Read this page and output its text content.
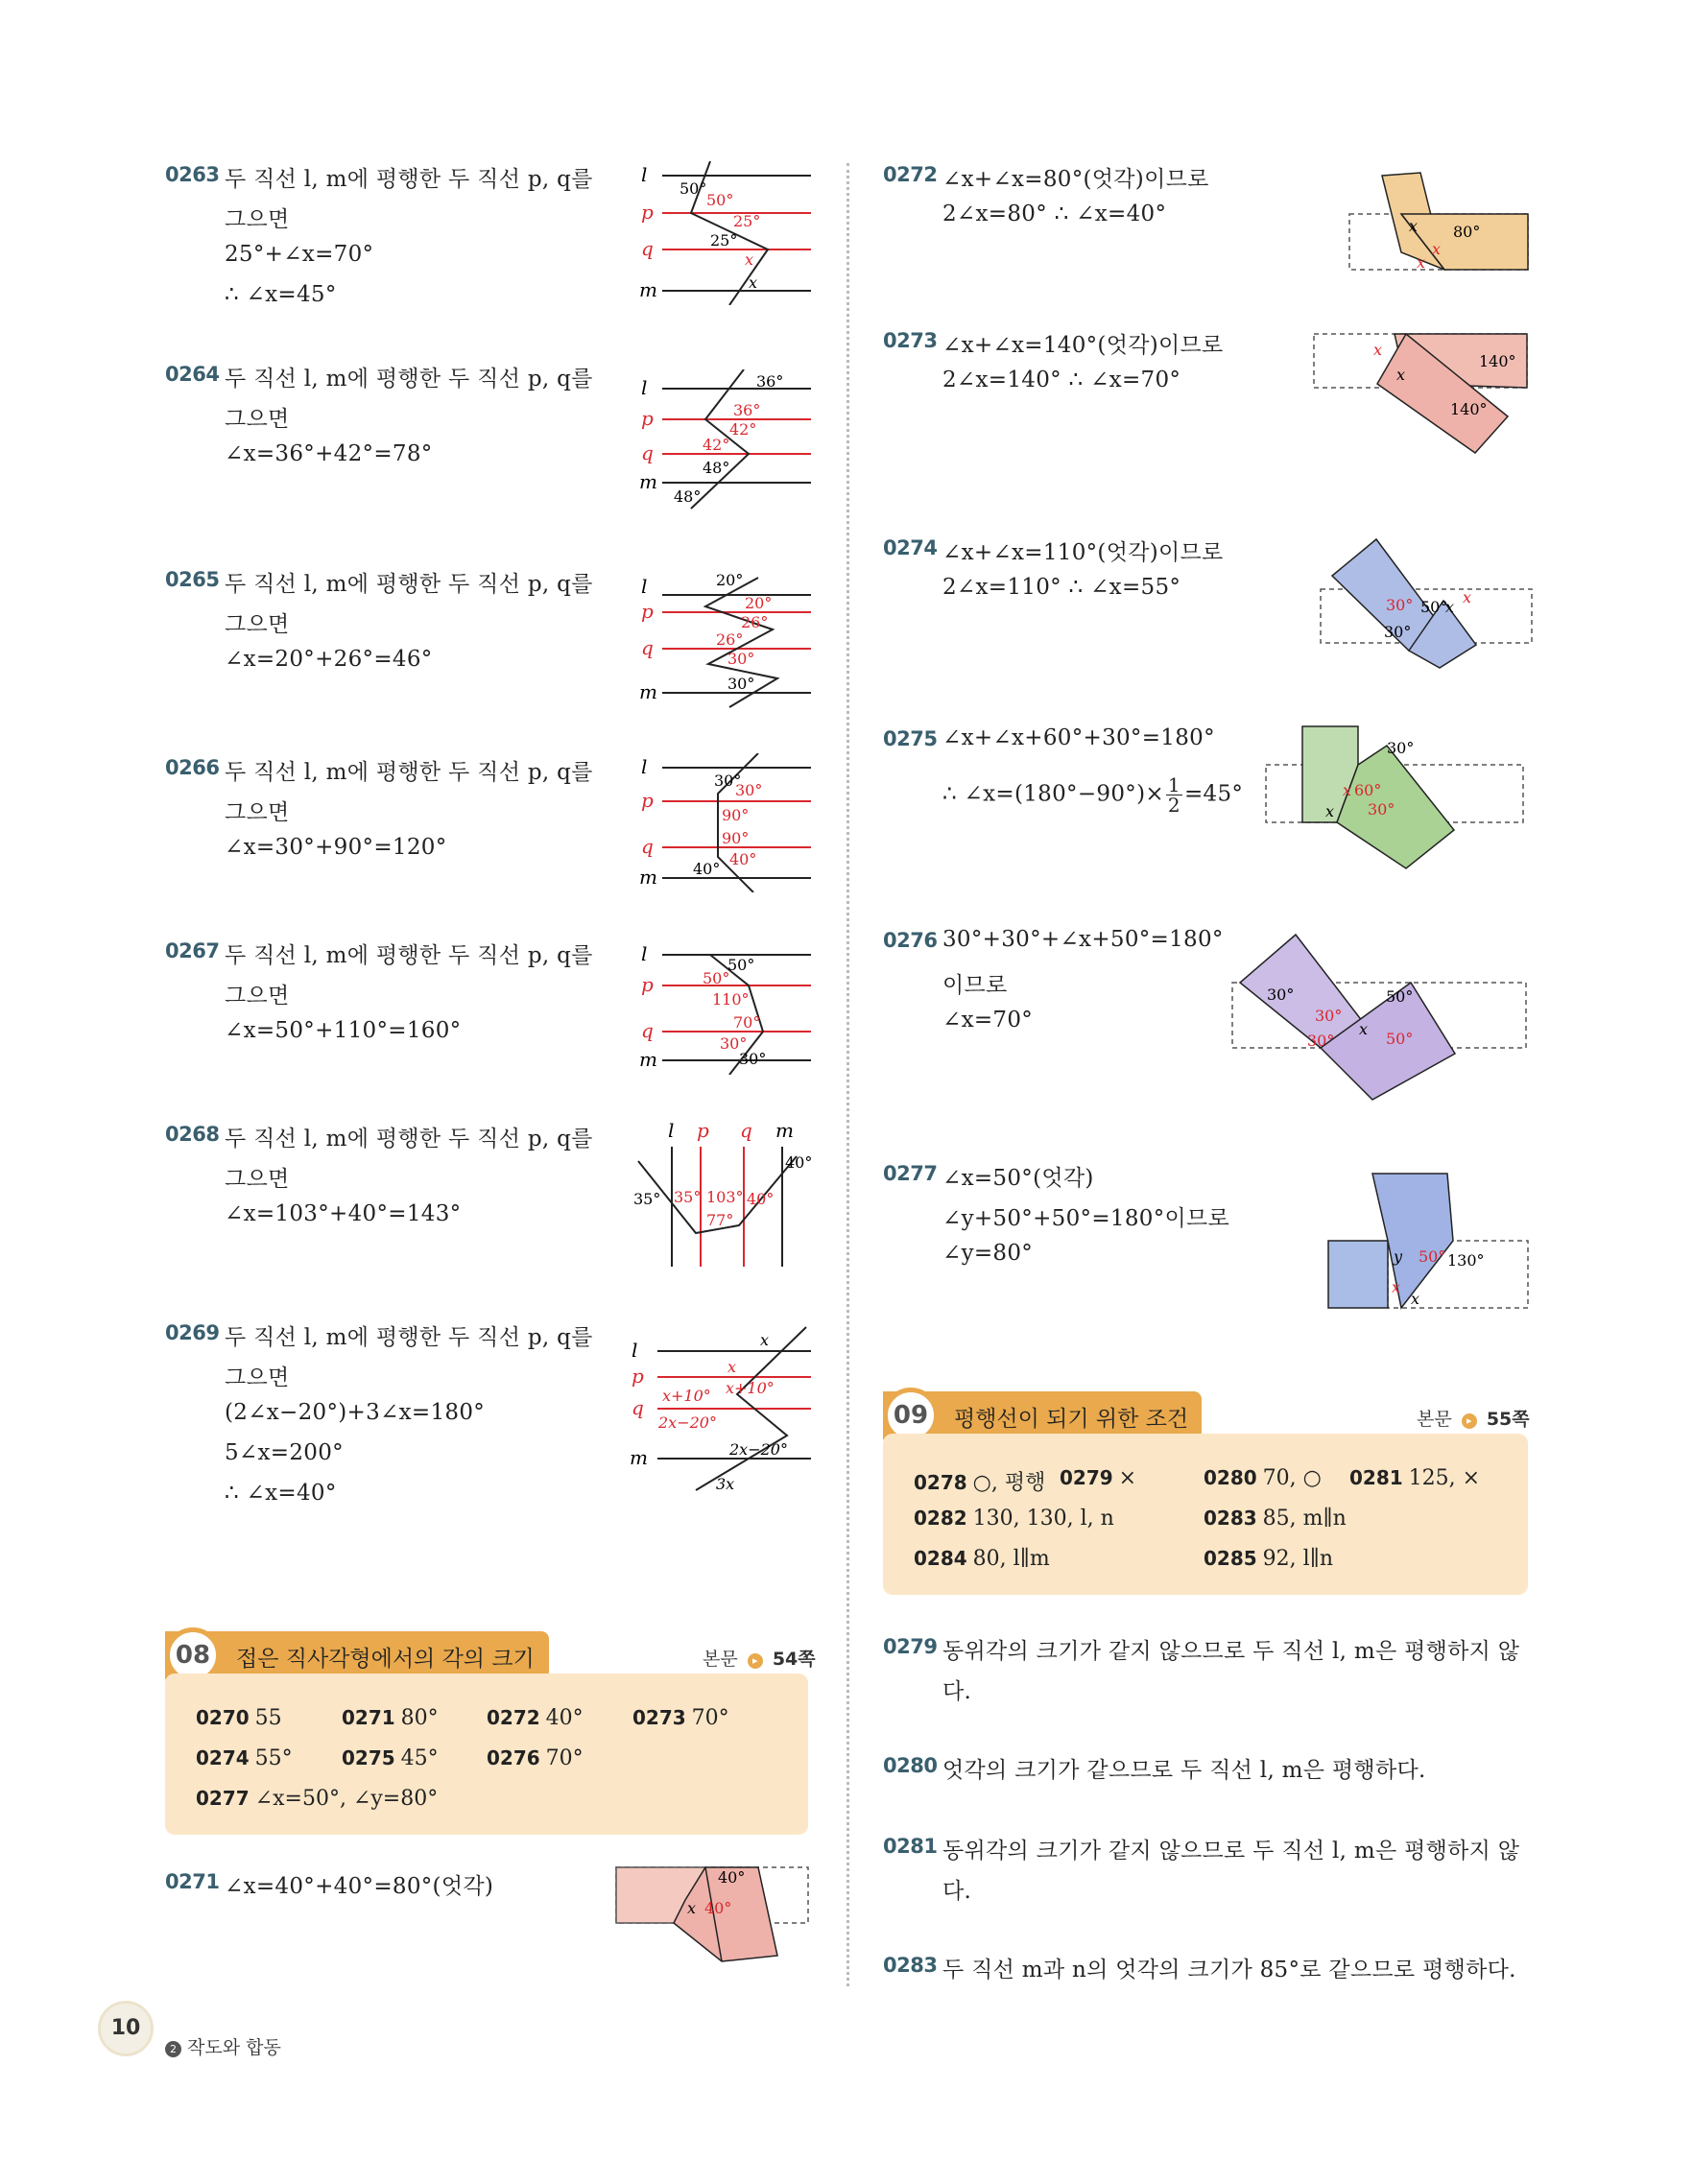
0263 두 직선 l, m에 평행한 두 직선 p, q를
그으면
25°+∠x=70°
∴ ∠x=45°
l
p
q
m
50°
50°
25°
25°
x
x
0264 두 직선 l, m에 평행한 두 직선 p, q를
그으면
∠x=36°+42°=78°
l
p
q
m
36°
36°
42°
42°
48°
48°
0265 두 직선 l, m에 평행한 두 직선 p, q를
그으면
∠x=20°+26°=46°
l
p
q
m
20°
20°
26°
26°
30°
30°
0266 두 직선 l, m에 평행한 두 직선 p, q를
그으면
∠x=30°+90°=120°
l
p
q
m
30°
30°
90°
90°
40°
40°
0267 두 직선 l, m에 평행한 두 직선 p, q를
그으면
∠x=50°+110°=160°
l
p
q
m
50°
50°
110°
70°
30°
30°
0268 두 직선 l, m에 평행한 두 직선 p, q를
그으면
∠x=103°+40°=143°
l p q m
35° 35° 103° 40°
77°
40°
0269 두 직선 l, m에 평행한 두 직선 p, q를
그으면
(2∠x−20°)+3∠x=180°
5∠x=200°
∴ ∠x=40°
l
p
q
m
x
x
x+10°
x+10°
2x−20°
2x−20°
3x
08	접은 직사각형에서의 각의 크기	본문 ▸ 54쪽
0270 55	0271 80°	0272 40°	0273 70°
0274 55°	0275 45°	0276 70°
0277 ∠x=50°, ∠y=80°
0271 ∠x=40°+40°=80°(엇각)	40°
40°
x
0272 ∠x+∠x=80°(엇각)이므로
2∠x=80° ∴ ∠x=40°	x 80°
x
x
0273 ∠x+∠x=140°(엇각)이므로
2∠x=140° ∴ ∠x=70°
x
x
140°
140°
0274 ∠x+∠x=110°(엇각)이므로
2∠x=110° ∴ ∠x=55°
30°
30°
50°
x
x
0275 ∠x+∠x+60°+30°=180°
∴ ∠x=(180°−90°)× $\frac{1}{2} =45^\circ$
30°
x 60°
x 30°
0276 30°+30°+∠x+50°=180°
이므로
∠x=70°
30°
30°
30°
x
50°
50°
0277 ∠x=50°(엇각)
∠y+50°+50°=180°이므로
∠y=80°	y 50° 130°
x
x
09	평행선이 되기 위한 조건	본문 ▸ 55쪽
0278 ○, 평행 0279 ×	0280 70, ○ 0281 125, ×
0282 130, 130, l, n	0283 85, m∥n
0284 80, l∥m	0285 92, l∥n
0279 동위각의 크기가 같지 않으므로 두 직선 l, m은 평행하지 않
다.
0280 엇각의 크기가 같으므로 두 직선 l, m은 평행하다.
0281 동위각의 크기가 같지 않으므로 두 직선 l, m은 평행하지 않
다.
0283 두 직선 m과 n의 엇각의 크기가 85°로 같으므로 평행하다.
10
2 작도와 합동
